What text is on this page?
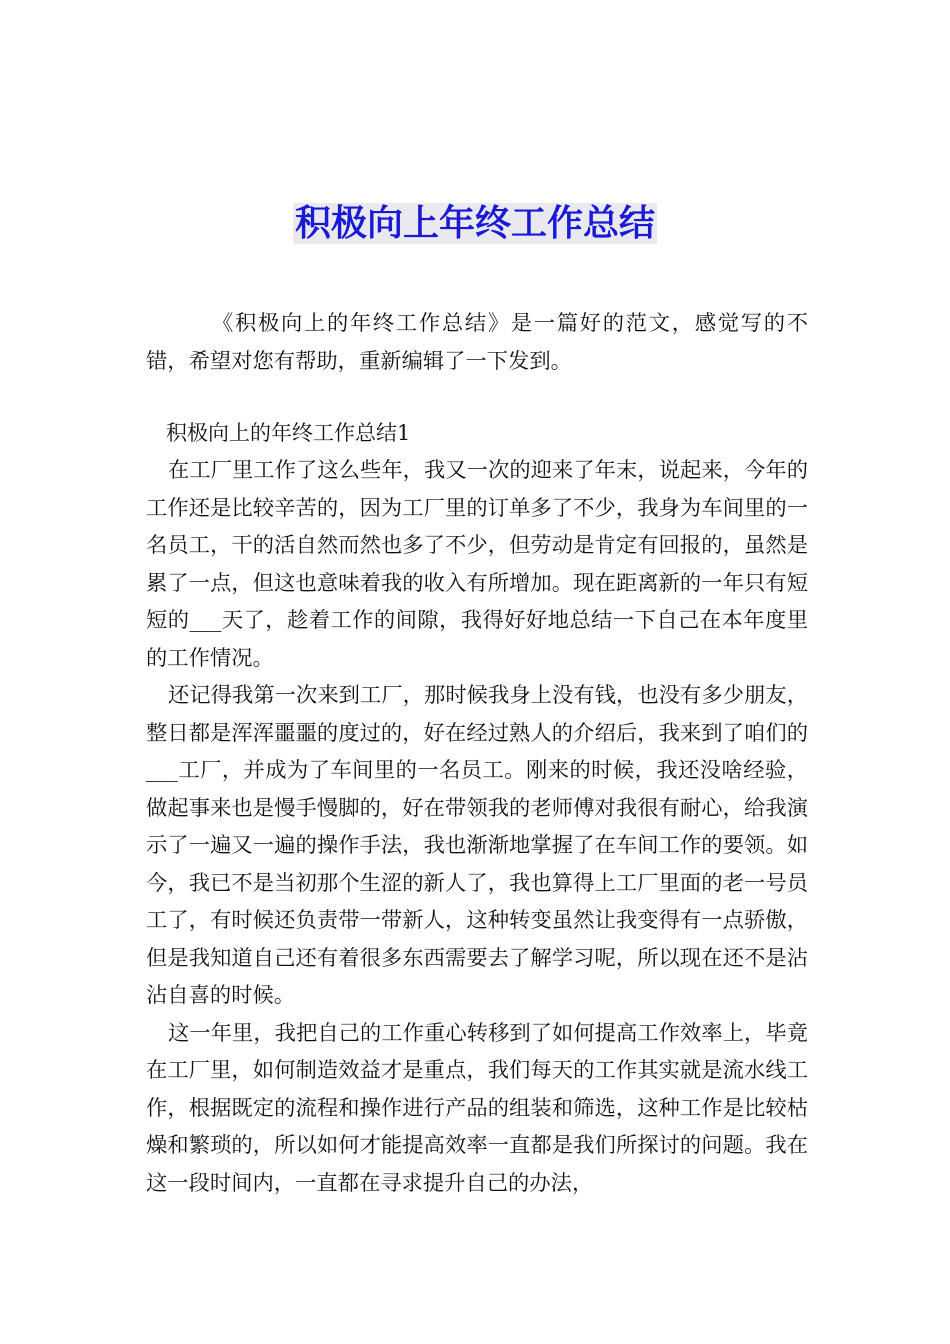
积极向上年终工作总结

《积极向上的年终工作总结》是一篇好的范文，感觉写的不错，希望对您有帮助，重新编辑了一下发到。

积极向上的年终工作总结1

在工厂里工作了这么些年，我又一次的迎来了年末，说起来，今年的工作还是比较辛苦的，因为工厂里的订单多了不少，我身为车间里的一名员工，干的活自然而然也多了不少，但劳动是肯定有回报的，虽然是累了一点，但这也意味着我的收入有所增加。现在距离新的一年只有短短的___天了，趁着工作的间隙，我得好好地总结一下自己在本年度里的工作情况。

还记得我第一次来到工厂，那时候我身上没有钱，也没有多少朋友，整日都是浑浑噩噩的度过的，好在经过熟人的介绍后，我来到了咱们的___工厂，并成为了车间里的一名员工。刚来的时候，我还没啥经验，做起事来也是慢手慢脚的，好在带领我的老师傅对我很有耐心，给我演示了一遍又一遍的操作手法，我也渐渐地掌握了在车间工作的要领。如今，我已不是当初那个生涩的新人了，我也算得上工厂里面的老一号员工了，有时候还负责带一带新人，这种转变虽然让我变得有一点骄傲，但是我知道自己还有着很多东西需要去了解学习呢，所以现在还不是沾沾自喜的时候。

这一年里，我把自己的工作重心转移到了如何提高工作效率上，毕竟在工厂里，如何制造效益才是重点，我们每天的工作其实就是流水线工作，根据既定的流程和操作进行产品的组装和筛选，这种工作是比较枯燥和繁琐的，所以如何才能提高效率一直都是我们所探讨的问题。我在这一段时间内，一直都在寻求提升自己的办法，
